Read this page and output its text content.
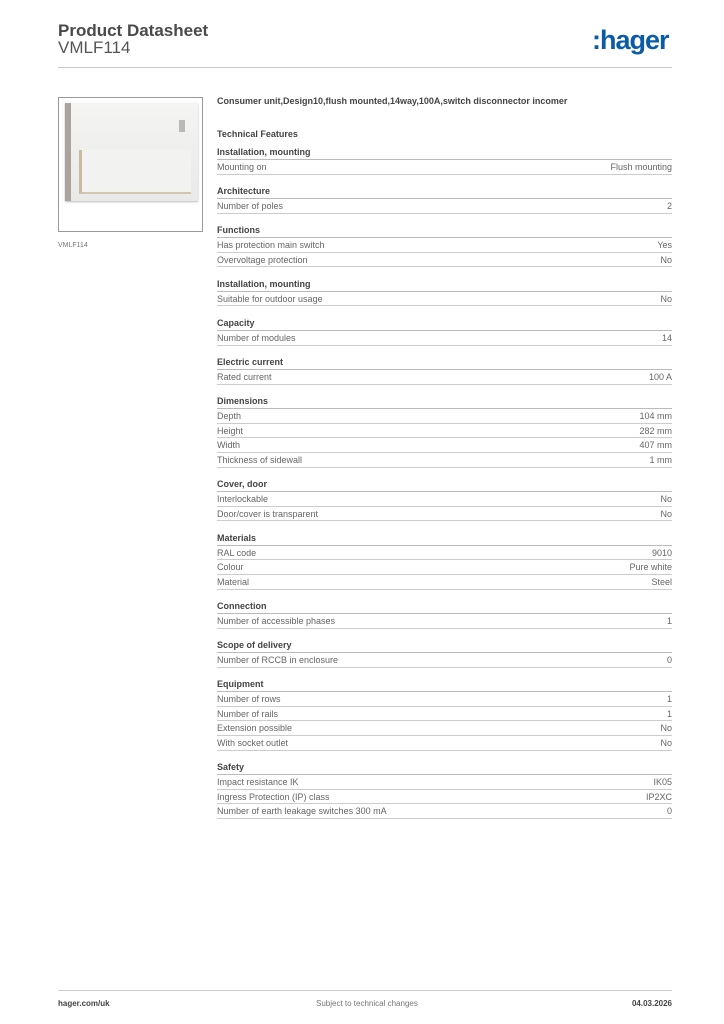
Product Datasheet
VMLF114	:hager
VMLF114
Consumer unit,Design10,flush mounted,14way,100A,switch disconnector incomer
Technical Features
Installation, mounting
Mounting on	Flush mounting
Architecture
Number of poles	2
Functions
Has protection main switch	Yes
Overvoltage protection	No
Installation, mounting
Suitable for outdoor usage	No
Capacity
Number of modules	14
Electric current
Rated current	100 A
Dimensions
Depth	104 mm
Height	282 mm
Width	407 mm
Thickness of sidewall	1 mm
Cover, door
Interlockable	No
Door/cover is transparent	No
Materials
RAL code	9010
Colour	Pure white
Material	Steel
Connection
Number of accessible phases	1
Scope of delivery
Number of RCCB in enclosure	0
Equipment
Number of rows	1
Number of rails	1
Extension possible	No
With socket outlet	No
Safety
Impact resistance IK	IK05
Ingress Protection (IP) class	IP2XC
Number of earth leakage switches 300 mA	0
hager.com/uk	Subject to technical changes	04.03.2026
